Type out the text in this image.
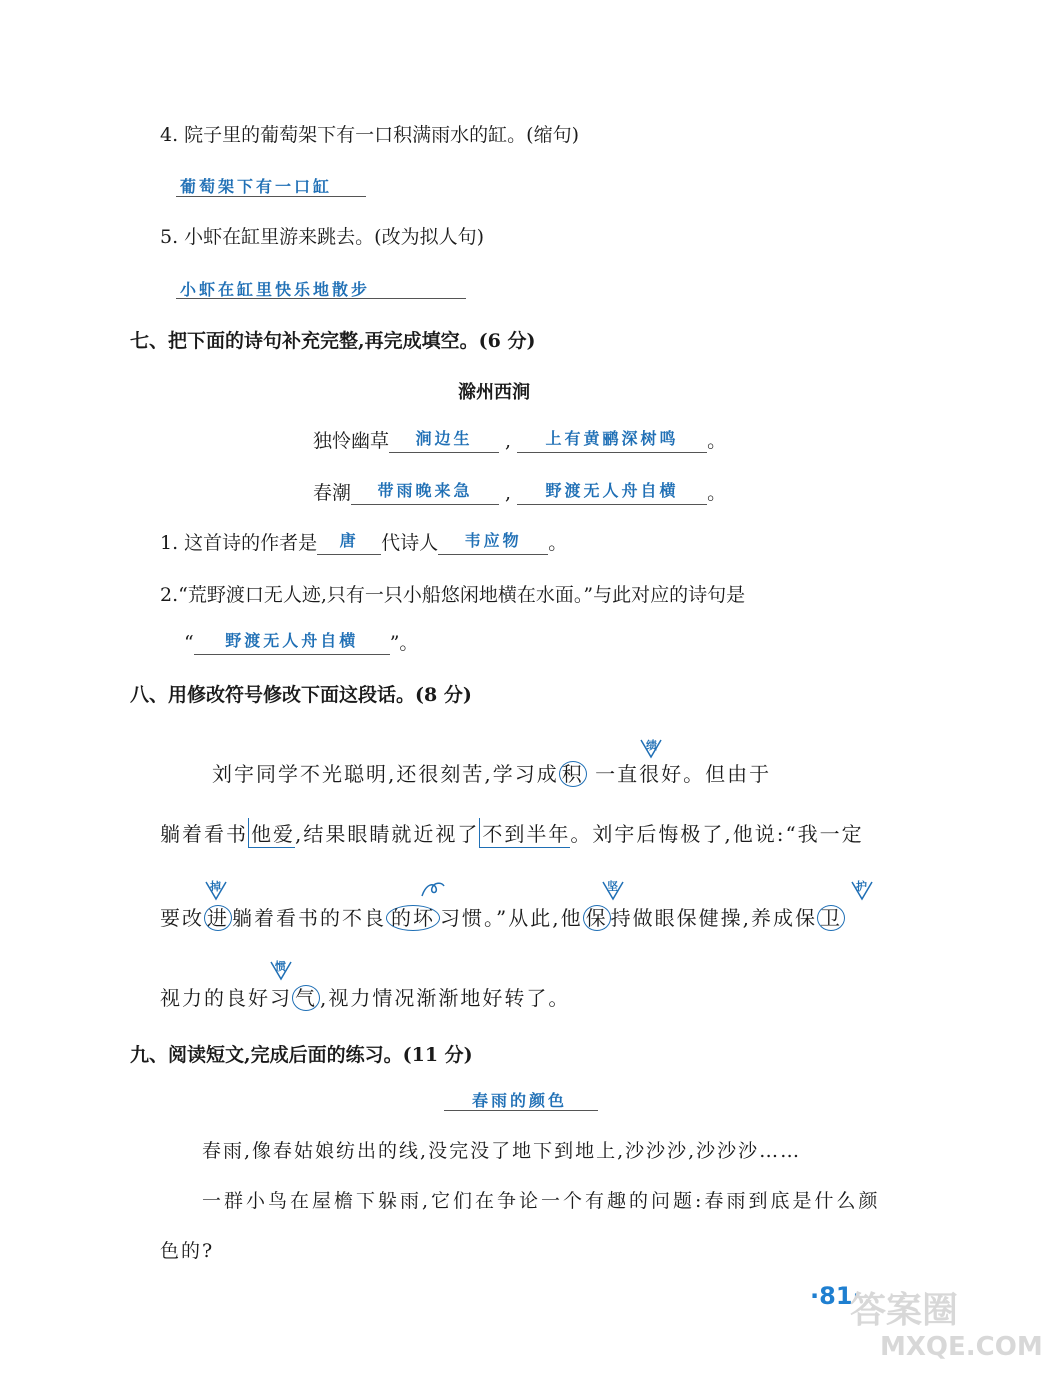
4. 院子里的葡萄架下有一口积满雨水的缸。(缩句)
葡萄架下有一口缸
5. 小虾在缸里游来跳去。(改为拟人句)
小虾在缸里快乐地散步
七、把下面的诗句补充完整,再完成填空。(6 分)
滁州西涧
独怜幽草 涧边生 , 上有黄鹂深树鸣 。
春潮 带雨晚来急 , 野渡无人舟自横 。
1. 这首诗的作者是 唐 代诗人 韦应物 。
2.“荒野渡口无人迹,只有一只小船悠闲地横在水面。”与此对应的诗句是
“ 野渡无人舟自横 ”。
八、用修改符号修改下面这段话。(8 分)
刘宇同学不光聪明,还很刻苦,学习成 积 一直很好。但由于
绩
躺着看书 他爱,结果眼睛就近视了 不到半年。刘宇后悔极了,他说:“我一定
要改 进 躺着看书的不良 的坏 习惯。”从此,他 保 持做眼保健操,养成保 卫
掉	坚	护
视力的良好习 气 ,视力情况渐渐地好转了。
惯
九、阅读短文,完成后面的练习。(11 分)
春雨的颜色
春雨,像春姑娘纺出的线,没完没了地下到地上,沙沙沙,沙沙沙……
一群小鸟在屋檐下躲雨,它们在争论一个有趣的问题:春雨到底是什么颜
色的?
·81·
答案圈
MXQE.COM
